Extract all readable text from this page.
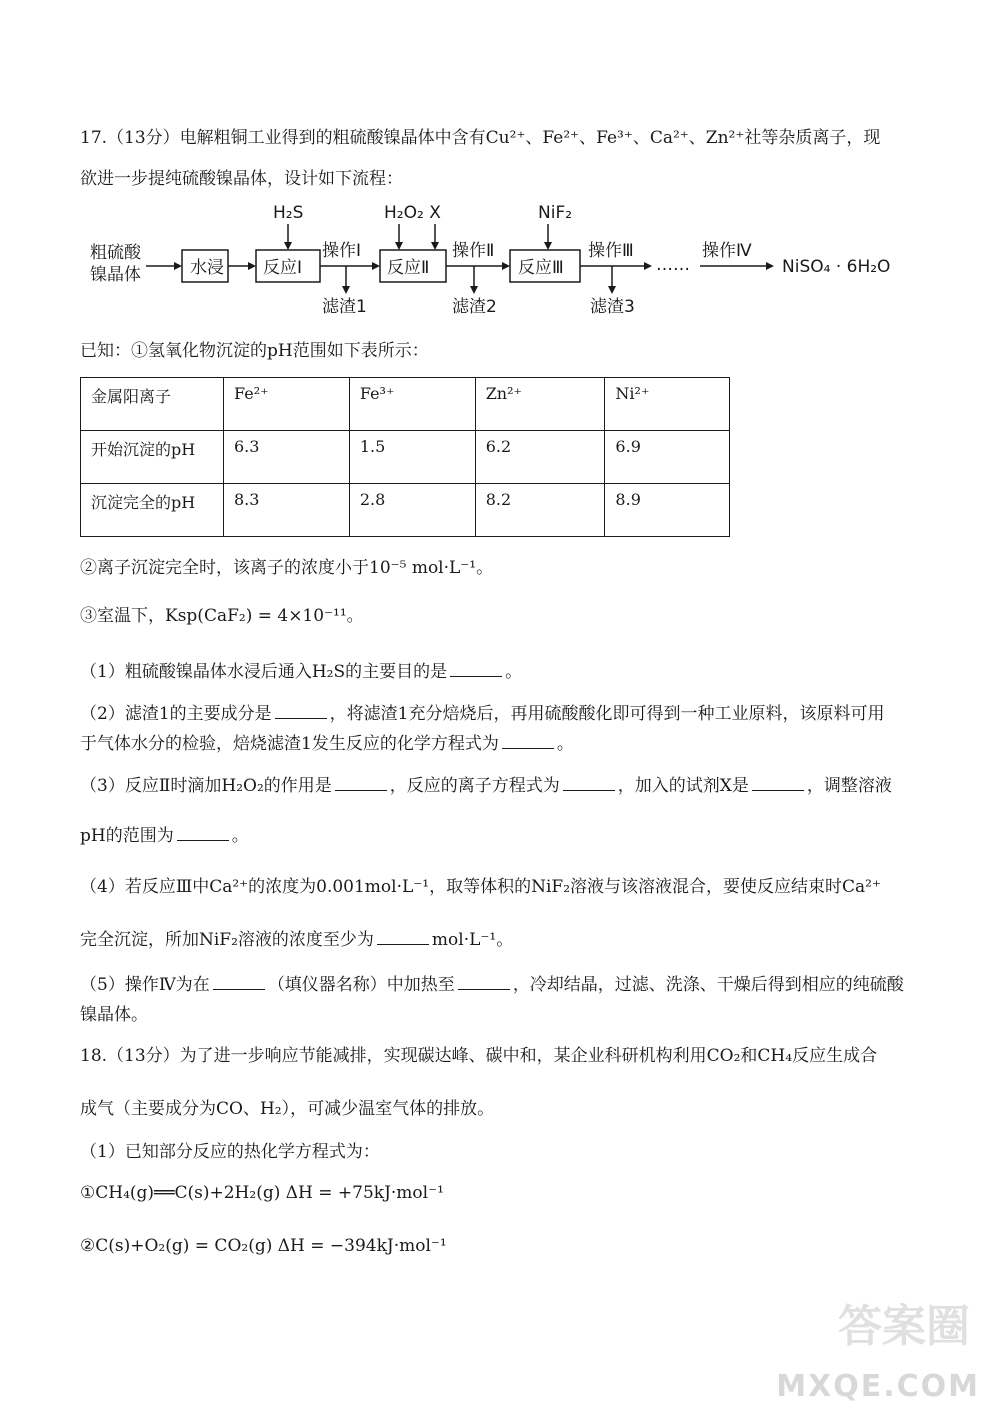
17.（13分）电解粗铜工业得到的粗硫酸镍晶体中含有Cu²⁺、Fe²⁺、Fe³⁺、Ca²⁺、Zn²⁺社等杂质离子，现
欲进一步提纯硫酸镍晶体，设计如下流程：
粗硫酸
镍晶体	水浸 反应Ⅰ
H₂S
操作Ⅰ
滤渣1
反应Ⅱ
H₂O₂ X
操作Ⅱ
滤渣2
反应Ⅲ
NiF₂
操作Ⅲ
滤渣3
……
操作Ⅳ
NiSO₄ · 6H₂O
已知：①氢氧化物沉淀的pH范围如下表所示：
金属阳离子	Fe²⁺	Fe³⁺	Zn²⁺	Ni²⁺
开始沉淀的pH	6.3	1.5	6.2	6.9
沉淀完全的pH	8.3	2.8	8.2	8.9
②离子沉淀完全时，该离子的浓度小于10⁻⁵ mol·L⁻¹。
③室温下，Ksp(CaF₂) = 4×10⁻¹¹。
（1）粗硫酸镍晶体水浸后通入H₂S的主要目的是	。
（2）滤渣1的主要成分是	，将滤渣1充分焙烧后，再用硫酸酸化即可得到一种工业原料，该原料可用
于气体水分的检验，焙烧滤渣1发生反应的化学方程式为	。
（3）反应Ⅱ时滴加H₂O₂的作用是	，反应的离子方程式为	，加入的试剂X是	，调整溶液
pH的范围为	。
（4）若反应Ⅲ中Ca²⁺的浓度为0.001mol·L⁻¹，取等体积的NiF₂溶液与该溶液混合，要使反应结束时Ca²⁺
完全沉淀，所加NiF₂溶液的浓度至少为	mol·L⁻¹。
（5）操作Ⅳ为在	（填仪器名称）中加热至	，冷却结晶，过滤、洗涤、干燥后得到相应的纯硫酸
镍晶体。
18.（13分）为了进一步响应节能减排，实现碳达峰、碳中和，某企业科研机构利用CO₂和CH₄反应生成合
成气（主要成分为CO、H₂），可减少温室气体的排放。
（1）已知部分反应的热化学方程式为：
①CH₄(g)══C(s)+2H₂(g) ΔH = +75kJ·mol⁻¹
②C(s)+O₂(g) = CO₂(g) ΔH = −394kJ·mol⁻¹
答案圈
MXQE.COM
